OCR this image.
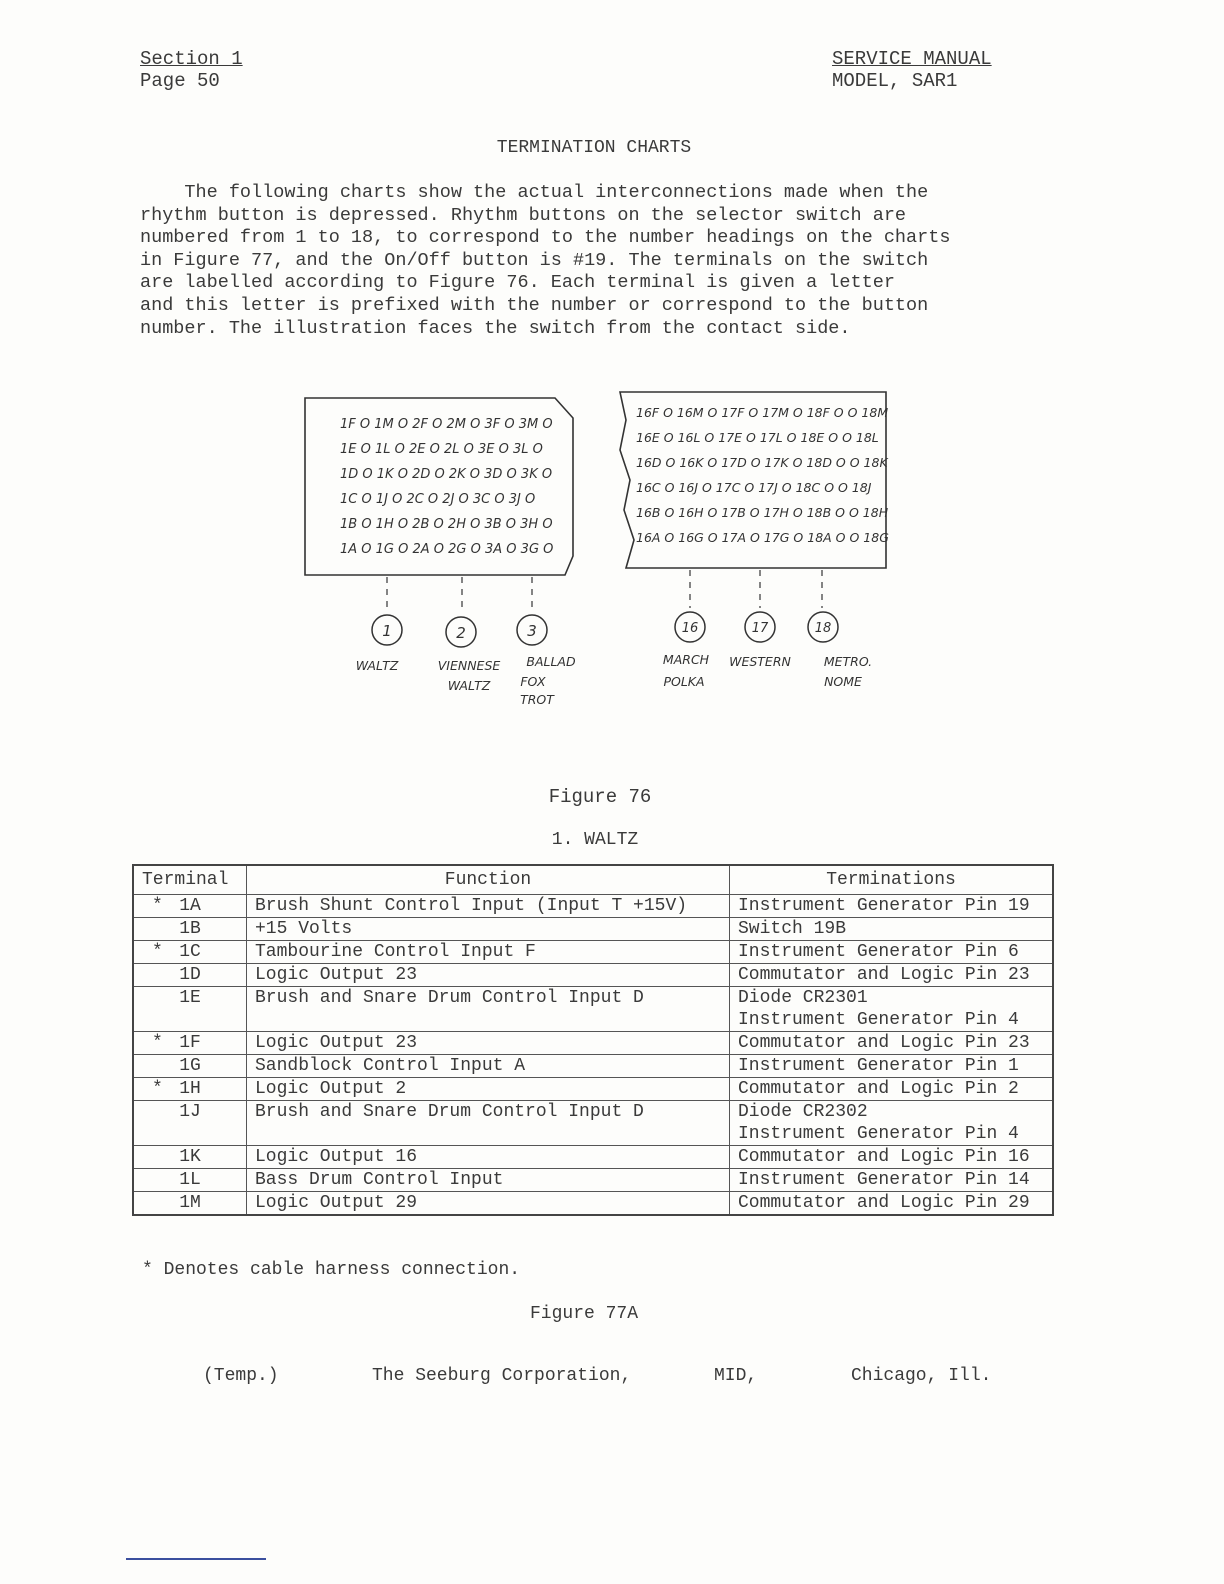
Section 1
Page 50
SERVICE MANUAL
MODEL, SAR1
TERMINATION CHARTS
The following charts show the actual interconnections made when the
rhythm button is depressed. Rhythm buttons on the selector switch are
numbered from 1 to 18, to correspond to the number headings on the charts
in Figure 77, and the On/Off button is #19. The terminals on the switch
are labelled according to Figure 76. Each terminal is given a letter
and this letter is prefixed with the number or correspond to the button
number. The illustration faces the switch from the contact side.
1F O 1M O 2F O 2M O 3F O 3M O
1E O 1L O 2E O 2L O 3E O 3L O
1D O 1K O 2D O 2K O 3D O 3K O
1C O 1J O 2C O 2J O 3C O 3J O
1B O 1H O 2B O 2H O 3B O 3H O
1A O 1G O 2A O 2G O 3A O 3G O
16F O 16M O 17F O 17M O 18F O O 18M
16E O 16L O 17E O 17L O 18E O O 18L
16D O 16K O 17D O 17K O 18D O O 18K
16C O 16J O 17C O 17J O 18C O O 18J
16B O 16H O 17B O 17H O 18B O O 18H
16A O 16G O 17A O 17G O 18A O O 18G
1	2	3	16	17	18
WALTZ	VIENNESE
WALTZ
BALLAD
FOX
TROT
MARCH
POLKA
WESTERN	METRO.
NOME
Figure 76
1. WALTZ
Terminal	Function	Terminations

* 1A	Brush Shunt Control Input (Input T +15V)	Instrument Generator Pin 19

1B	+15 Volts	Switch 19B

* 1C	Tambourine Control Input F	Instrument Generator Pin 6

1D	Logic Output 23	Commutator and Logic Pin 23

1E	Brush and Snare Drum Control Input D	Diode CR2301
Instrument Generator Pin 4

* 1F	Logic Output 23	Commutator and Logic Pin 23

1G	Sandblock Control Input A	Instrument Generator Pin 1

* 1H	Logic Output 2	Commutator and Logic Pin 2

1J	Brush and Snare Drum Control Input D	Diode CR2302
Instrument Generator Pin 4

1K	Logic Output 16	Commutator and Logic Pin 16

1L	Bass Drum Control Input	Instrument Generator Pin 14

1M	Logic Output 29	Commutator and Logic Pin 29
* Denotes cable harness connection.
Figure 77A
(Temp.)	The Seeburg Corporation,	MID,	Chicago, Ill.
